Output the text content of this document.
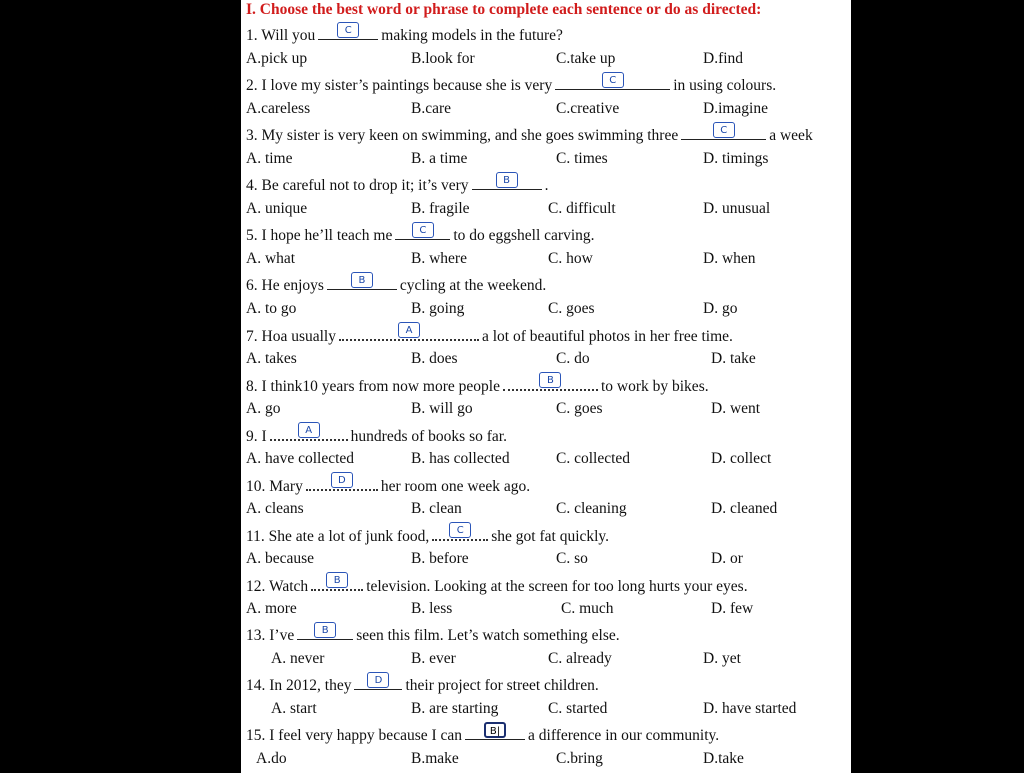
I. Choose the best word or phrase to complete each sentence or do as directed:
1. Will you	C	making models in the future?
A.pick up	B.look for	C.take up	D.find
2. I love my sister’s paintings because she is very	C	in using colours.
A.careless	B.care	C.creative	D.imagine
3. My sister is very keen on swimming, and she goes swimming three	C	a week
A. time	B. a time	C. times	D. timings
4. Be careful not to drop it; it’s very	B	.
A. unique	B. fragile	C. difficult	D. unusual
5. I hope he’ll teach me	C	to do eggshell carving.
A. what	B. where	C. how	D. when
6. He enjoys	B	cycling at the weekend.
A. to go	B. going	C. goes	D. go
7. Hoa usually	A	a lot of beautiful photos in her free time.
A. takes	B. does	C. do	D. take
8. I think10 years from now more people	B	to work by bikes.
A. go	B. will go	C. goes	D. went
9. I	A	hundreds of books so far.
A. have collected	B. has collected	C. collected	D. collect
10. Mary	D	her room one week ago.
A. cleans	B. clean	C. cleaning	D. cleaned
11. She ate a lot of junk food,	C	she got fat quickly.
A. because	B. before	C. so	D. or
12. Watch	B	television. Looking at the screen for too long hurts your eyes.
A. more	B. less	C. much	D. few
13. I’ve	B	seen this film. Let’s watch something else.
A. never	B. ever	C. already	D. yet
14. In 2012, they	D	their project for street children.
A. start	B. are starting	C. started	D. have started
15. I feel very happy because I can	B|	a difference in our community.
A.do	B.make	C.bring	D.take
